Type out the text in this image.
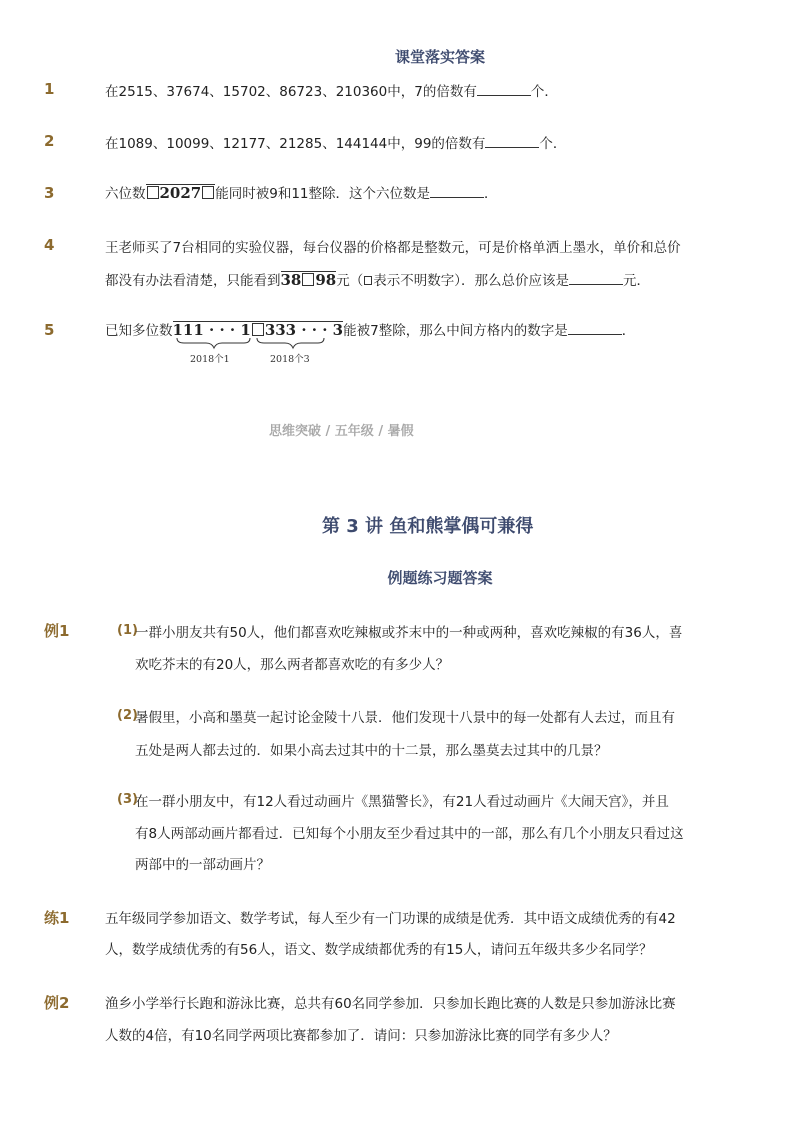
课堂落实答案
1	在2515、37674、15702、86723、210360中，7的倍数有	个．
2	在1089、10099、12177、21285、144144中，99的倍数有	个．
3	六位数 2027 能同时被9和11整除．这个六位数是	．
4	王老师买了7台相同的实验仪器，每台仪器的价格都是整数元，可是价格单洒上墨水，单价和总价
都没有办法看清楚，只能看到38 98元（ 表示不明数字）．那么总价应该是	元．
5	已知多位数111 · · · 1 333 · · · 3能被7整除，那么中间方格内的数字是	．
2018个1	2018个3
思维突破 / 五年级 / 暑假
第 3 讲 鱼和熊掌偶可兼得
例题练习题答案
例1	(1)
一群小朋友共有50人，他们都喜欢吃辣椒或芥末中的一种或两种，喜欢吃辣椒的有36人，喜
欢吃芥末的有20人，那么两者都喜欢吃的有多少人？
(2)
暑假里，小高和墨莫一起讨论金陵十八景．他们发现十八景中的每一处都有人去过，而且有
五处是两人都去过的．如果小高去过其中的十二景，那么墨莫去过其中的几景？
(3)
在一群小朋友中，有12人看过动画片《黑猫警长》，有21人看过动画片《大闹天宫》，并且
有8人两部动画片都看过．已知每个小朋友至少看过其中的一部，那么有几个小朋友只看过这
两部中的一部动画片？
练1	五年级同学参加语文、数学考试，每人至少有一门功课的成绩是优秀．其中语文成绩优秀的有42
人，数学成绩优秀的有56人，语文、数学成绩都优秀的有15人，请问五年级共多少名同学？
例2	渔乡小学举行长跑和游泳比赛，总共有60名同学参加．只参加长跑比赛的人数是只参加游泳比赛
人数的4倍，有10名同学两项比赛都参加了．请问：只参加游泳比赛的同学有多少人？
